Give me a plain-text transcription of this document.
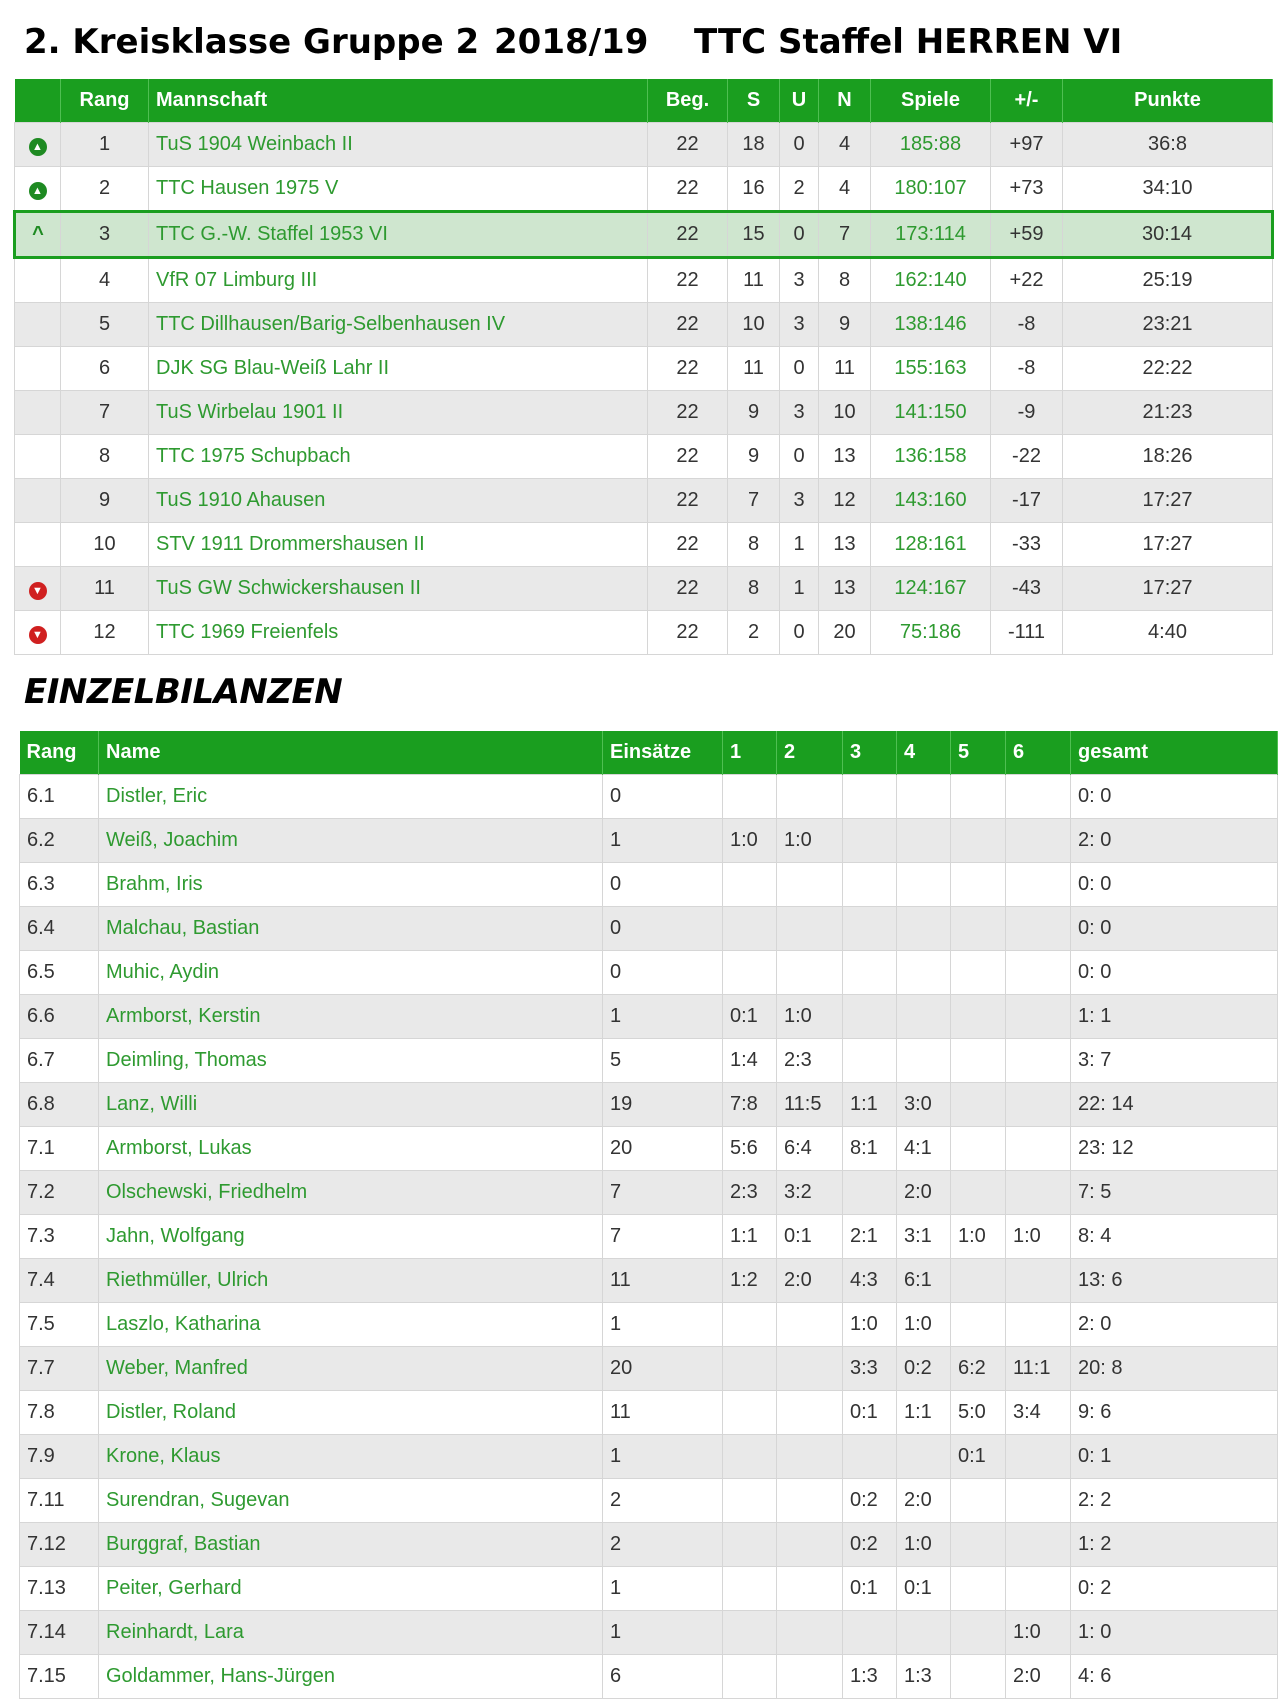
2. Kreisklasse Gruppe 2 2018/19	TTC Staffel HERREN VI
	Rang	Mannschaft	Beg.	S	U	N	Spiele	+/-	Punkte
▲	1	TuS 1904 Weinbach II	22	18	0	4	185:88	+97	36:8
▲	2	TTC Hausen 1975 V	22	16	2	4	180:107	+73	34:10
^	3	TTC G.-W. Staffel 1953 VI	22	15	0	7	173:114	+59	30:14
	4	VfR 07 Limburg III	22	11	3	8	162:140	+22	25:19
	5	TTC Dillhausen/Barig-Selbenhausen IV	22	10	3	9	138:146	-8	23:21
	6	DJK SG Blau-Weiß Lahr II	22	11	0	11	155:163	-8	22:22
	7	TuS Wirbelau 1901 II	22	9	3	10	141:150	-9	21:23
	8	TTC 1975 Schupbach	22	9	0	13	136:158	-22	18:26
	9	TuS 1910 Ahausen	22	7	3	12	143:160	-17	17:27
	10	STV 1911 Drommershausen II	22	8	1	13	128:161	-33	17:27
▼	11	TuS GW Schwickershausen II	22	8	1	13	124:167	-43	17:27
▼	12	TTC 1969 Freienfels	22	2	0	20	75:186	-111	4:40
EINZELBILANZEN
Rang	Name	Einsätze	1	2	3	4	5	6	gesamt
6.1	Distler, Eric	0							0: 0
6.2	Weiß, Joachim	1	1:0	1:0					2: 0
6.3	Brahm, Iris	0							0: 0
6.4	Malchau, Bastian	0							0: 0
6.5	Muhic, Aydin	0							0: 0
6.6	Armborst, Kerstin	1	0:1	1:0					1: 1
6.7	Deimling, Thomas	5	1:4	2:3					3: 7
6.8	Lanz, Willi	19	7:8	11:5	1:1	3:0			22: 14
7.1	Armborst, Lukas	20	5:6	6:4	8:1	4:1			23: 12
7.2	Olschewski, Friedhelm	7	2:3	3:2		2:0			7: 5
7.3	Jahn, Wolfgang	7	1:1	0:1	2:1	3:1	1:0	1:0	8: 4
7.4	Riethmüller, Ulrich	11	1:2	2:0	4:3	6:1			13: 6
7.5	Laszlo, Katharina	1			1:0	1:0			2: 0
7.7	Weber, Manfred	20			3:3	0:2	6:2	11:1	20: 8
7.8	Distler, Roland	11			0:1	1:1	5:0	3:4	9: 6
7.9	Krone, Klaus	1					0:1		0: 1
7.11	Surendran, Sugevan	2			0:2	2:0			2: 2
7.12	Burggraf, Bastian	2			0:2	1:0			1: 2
7.13	Peiter, Gerhard	1			0:1	0:1			0: 2
7.14	Reinhardt, Lara	1						1:0	1: 0
7.15	Goldammer, Hans-Jürgen	6			1:3	1:3		2:0	4: 6
